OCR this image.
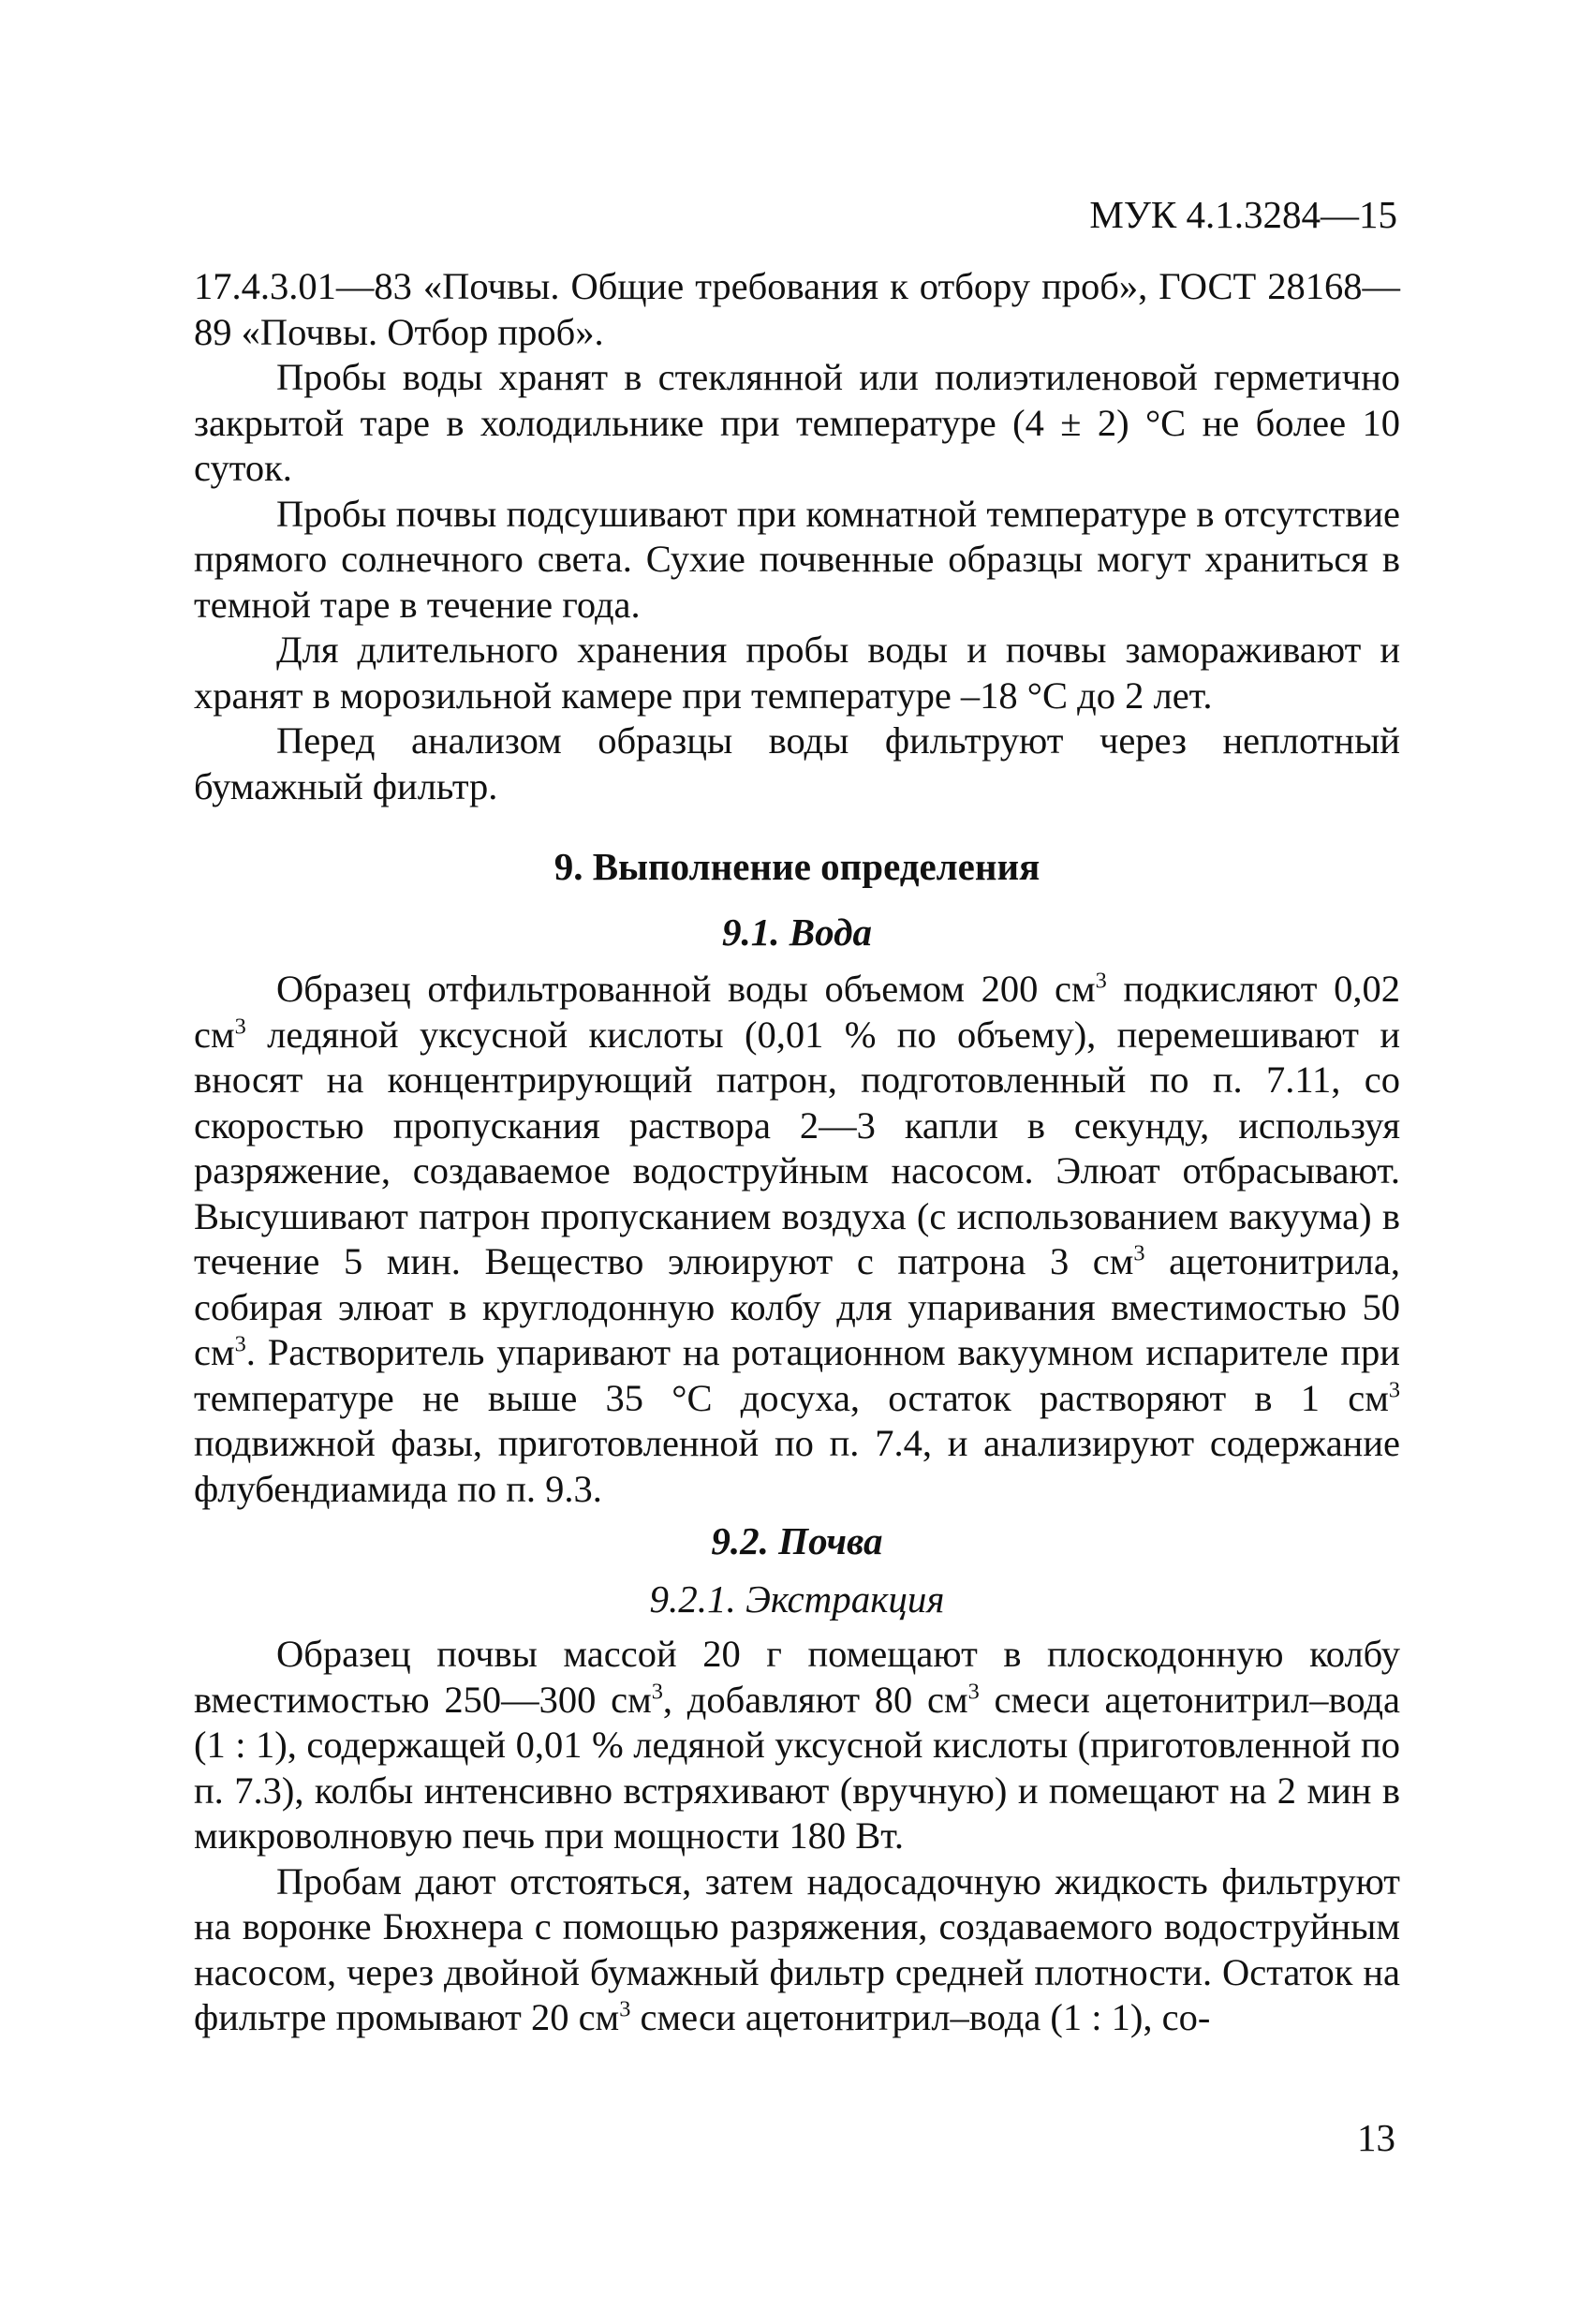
МУК 4.1.3284—15

17.4.3.01—83 «Почвы. Общие требования к отбору проб», ГОСТ 28168—89 «Почвы. Отбор проб».

Пробы воды хранят в стеклянной или полиэтиленовой герметично закрытой таре в холодильнике при температуре (4 ± 2) °С не более 10 суток.

Пробы почвы подсушивают при комнатной температуре в отсутствие прямого солнечного света. Сухие почвенные образцы могут храниться в темной таре в течение года.

Для длительного хранения пробы воды и почвы замораживают и хранят в морозильной камере при температуре –18 °С до 2 лет.

Перед анализом образцы воды фильтруют через неплотный бумажный фильтр.

9. Выполнение определения
9.1. Вода

Образец отфильтрованной воды объемом 200 $см^3$ подкисляют 0,02 $см^3$ ледяной уксусной кислоты (0,01 % по объему), перемешивают и вносят на концентрирующий патрон, подготовленный по п. 7.11, со скоростью пропускания раствора 2—3 капли в секунду, используя разряжение, создаваемое водоструйным насосом. Элюат отбрасывают. Высушивают патрон пропусканием воздуха (с использованием вакуума) в течение 5 мин. Вещество элюируют с патрона 3 $см^3$ ацетонитрила, собирая элюат в круглодонную колбу для упаривания вместимостью 50 $см^3$. Растворитель упаривают на ротационном вакуумном испарителе при температуре не выше 35 °С досуха, остаток растворяют в 1 $см^3$ подвижной фазы, приготовленной по п. 7.4, и анализируют содержание флубендиамида по п. 9.3.

9.2. Почва
9.2.1. Экстракция

Образец почвы массой 20 г помещают в плоскодонную колбу вместимостью 250—300 $см^3$, добавляют 80 $см^3$ смеси ацетонитрил–вода (1 : 1), содержащей 0,01 % ледяной уксусной кислоты (приготовленной по п. 7.3), колбы интенсивно встряхивают (вручную) и помещают на 2 мин в микроволновую печь при мощности 180 Вт.

Пробам дают отстояться, затем надосадочную жидкость фильтруют на воронке Бюхнера с помощью разряжения, создаваемого водоструйным насосом, через двойной бумажный фильтр средней плотности. Остаток на фильтре промывают 20 $см^3$ смеси ацетонитрил–вода (1 : 1), со-

13
